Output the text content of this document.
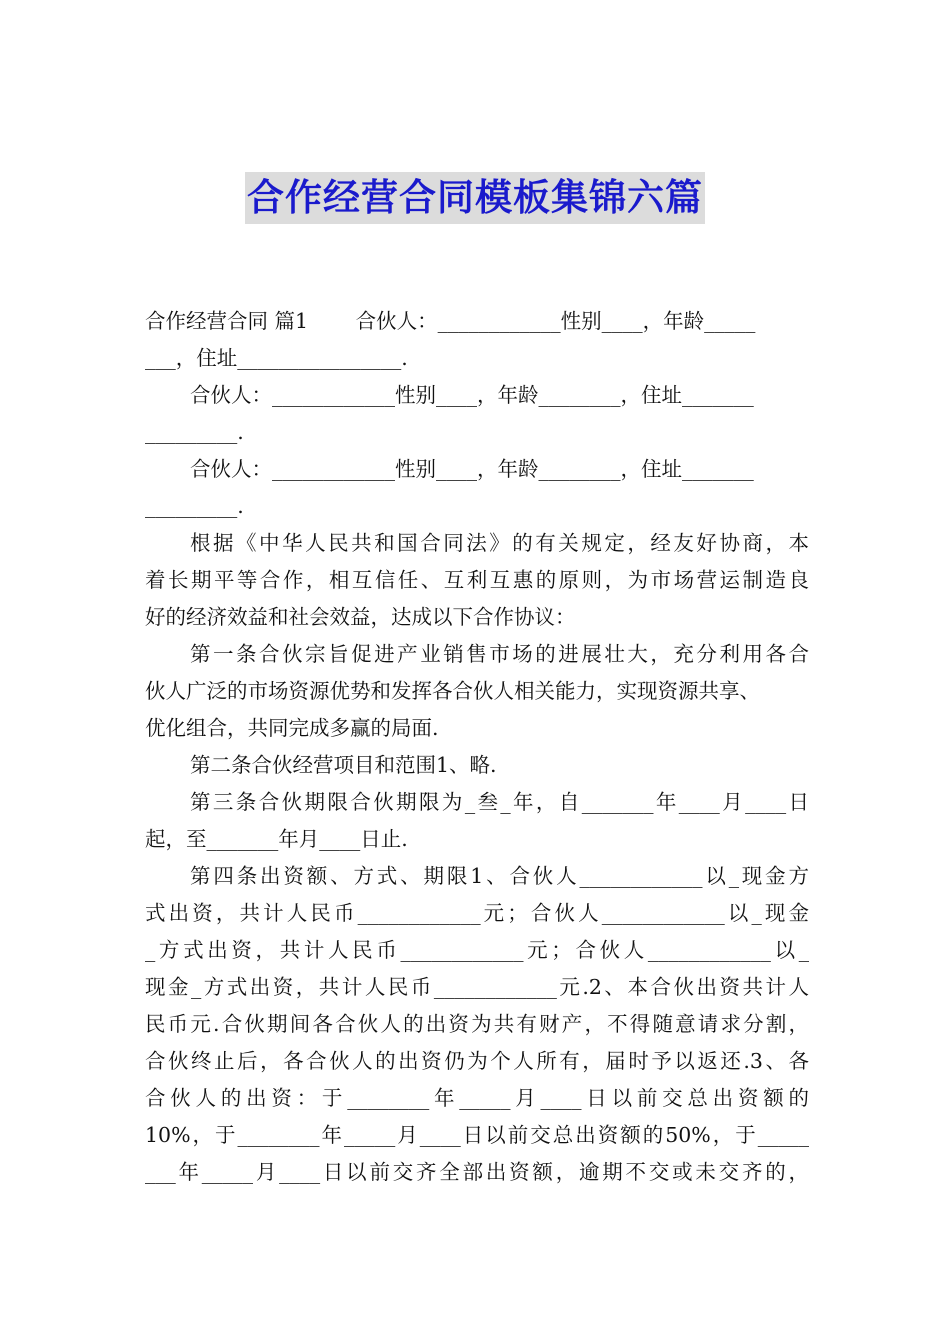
合作经营合同模板集锦六篇
合作经营合同 篇1 　　合伙人：____________性别____，年龄_____
___，住址________________.
合伙人：____________性别____，年龄________，住址_______
_________.
合伙人：____________性别____，年龄________，住址_______
_________.
根据《中华人民共和国合同法》的有关规定，经友好协商，本
着长期平等合作，相互信任、互利互惠的原则，为市场营运制造良
好的经济效益和社会效益，达成以下合作协议：
第一条合伙宗旨促进产业销售市场的进展壮大，充分利用各合
伙人广泛的市场资源优势和发挥各合伙人相关能力，实现资源共享、
优化组合，共同完成多赢的局面.
第二条合伙经营项目和范围1、略.
第三条合伙期限合伙期限为_叁_年，自_______年____月____日
起，至_______年月____日止.
第四条出资额、方式、期限1、合伙人____________以_现金方
式出资，共计人民币____________元；合伙人____________以_现金
_方式出资，共计人民币____________元；合伙人____________以_
现金_方式出资，共计人民币____________元.2、本合伙出资共计人
民币元.合伙期间各合伙人的出资为共有财产，不得随意请求分割，
合伙终止后，各合伙人的出资仍为个人所有，届时予以返还.3、各
合伙人的出资：于________年_____月____日以前交总出资额的
10%，于________年_____月____日以前交总出资额的50%，于_____
___年_____月____日以前交齐全部出资额，逾期不交或未交齐的，
